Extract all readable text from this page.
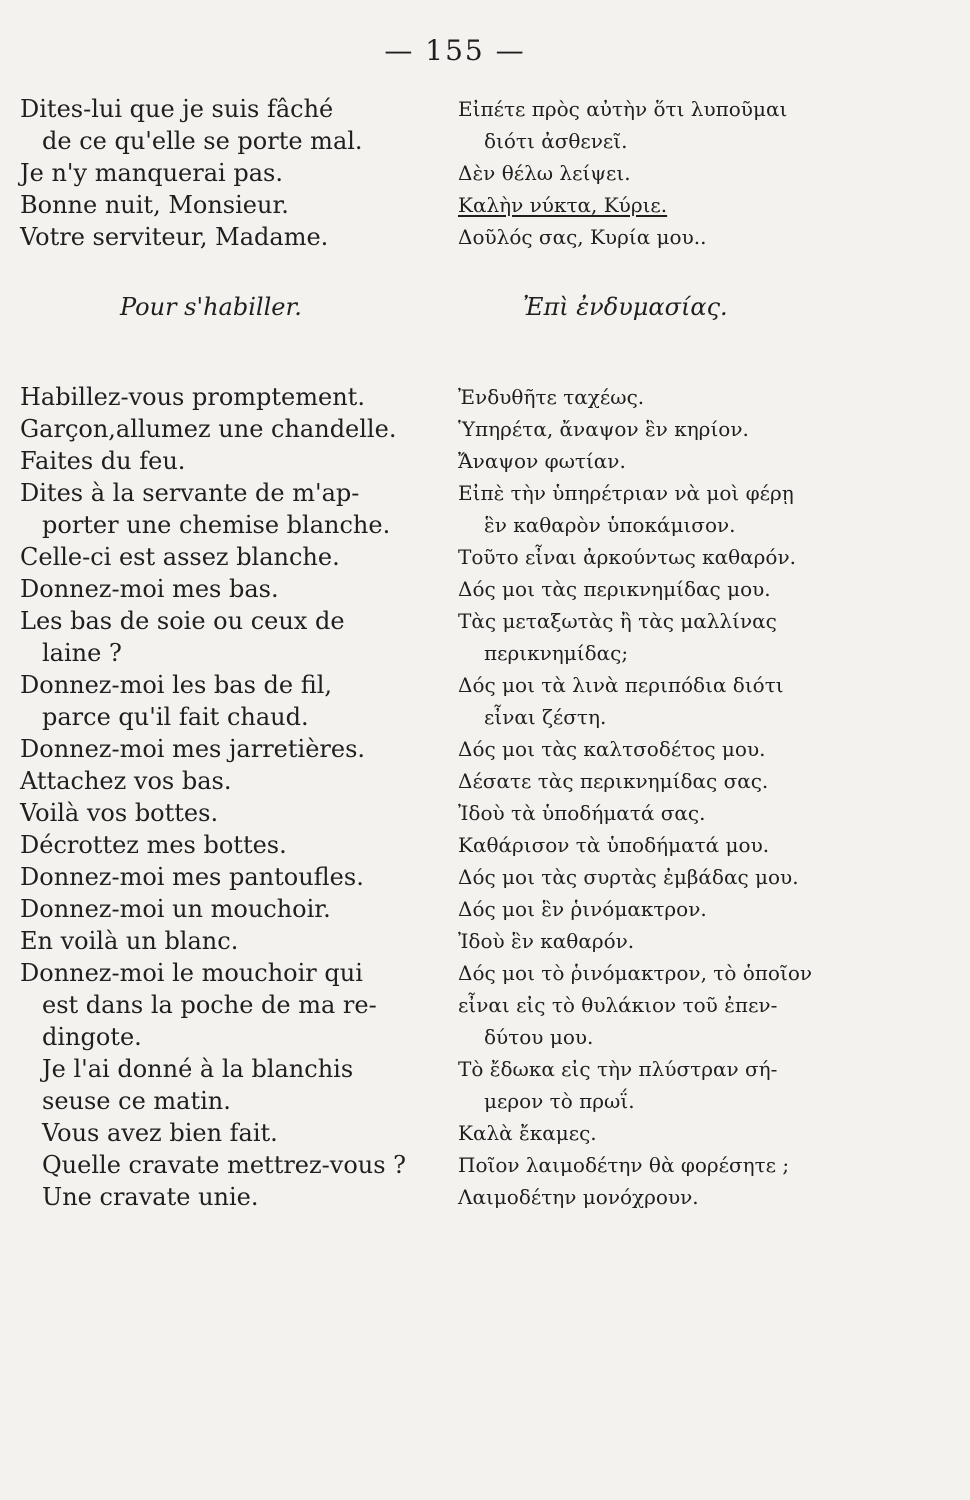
— 155 —
Dites-lui que je suis fâché	Εἰπέτε πρὸς αὐτὴν ὅτι λυποῦμαι
de ce qu'elle se porte mal.	διότι ἀσθενεῖ.
Je n'y manquerai pas.	Δὲν θέλω λείψει.
Bonne nuit, Monsieur.	Καλὴν νύκτα, Κύριε.
Votre serviteur, Madame.	Δοῦλός σας, Κυρία μου..
Pour s'habiller.	Ἐπὶ ἐνδυμασίας.
Habillez-vous promptement.	Ἐνδυθῆτε ταχέως.
Garçon,allumez une chandelle.	Ὑπηρέτα, ἄναψον ἓν κηρίον.
Faites du feu.	Ἄναψον φωτίαν.
Dites à la servante de m'ap-	Εἰπὲ τὴν ὑπηρέτριαν νὰ μοὶ φέρῃ
porter une chemise blanche.	ἓν καθαρὸν ὑποκάμισον.
Celle-ci est assez blanche.	Τοῦτο εἶναι ἀρκούντως καθαρόν.
Donnez-moi mes bas.	Δός μοι τὰς περικνημίδας μου.
Les bas de soie ou ceux de	Τὰς μεταξωτὰς ἢ τὰς μαλλίνας
laine ?	περικνημίδας;
Donnez-moi les bas de fil,	Δός μοι τὰ λινὰ περιπόδια διότι
parce qu'il fait chaud.	εἶναι ζέστη.
Donnez-moi mes jarretières.	Δός μοι τὰς καλτσοδέτος μου.
Attachez vos bas.	Δέσατε τὰς περικνημίδας σας.
Voilà vos bottes.	Ἰδοὺ τὰ ὑποδήματά σας.
Décrottez mes bottes.	Καθάρισον τὰ ὑποδήματά μου.
Donnez-moi mes pantoufles.	Δός μοι τὰς συρτὰς ἐμβάδας μου.
Donnez-moi un mouchoir.	Δός μοι ἓν ῥινόμακτρον.
En voilà un blanc.	Ἰδοὺ ἓν καθαρόν.
Donnez-moi le mouchoir qui	Δός μοι τὸ ῥινόμακτρον, τὸ ὁποῖον
est dans la poche de ma re-	εἶναι εἰς τὸ θυλάκιον τοῦ ἐπεν-
dingote.	δύτου μου.
Je l'ai donné à la blanchis	Τὸ ἔδωκα εἰς τὴν πλύστραν σή-
seuse ce matin.	μερον τὸ πρωΐ.
Vous avez bien fait.	Καλὰ ἔκαμες.
Quelle cravate mettrez-vous ?	Ποῖον λαιμοδέτην θὰ φορέσητε ;
Une cravate unie.	Λαιμοδέτην μονόχρουν.
